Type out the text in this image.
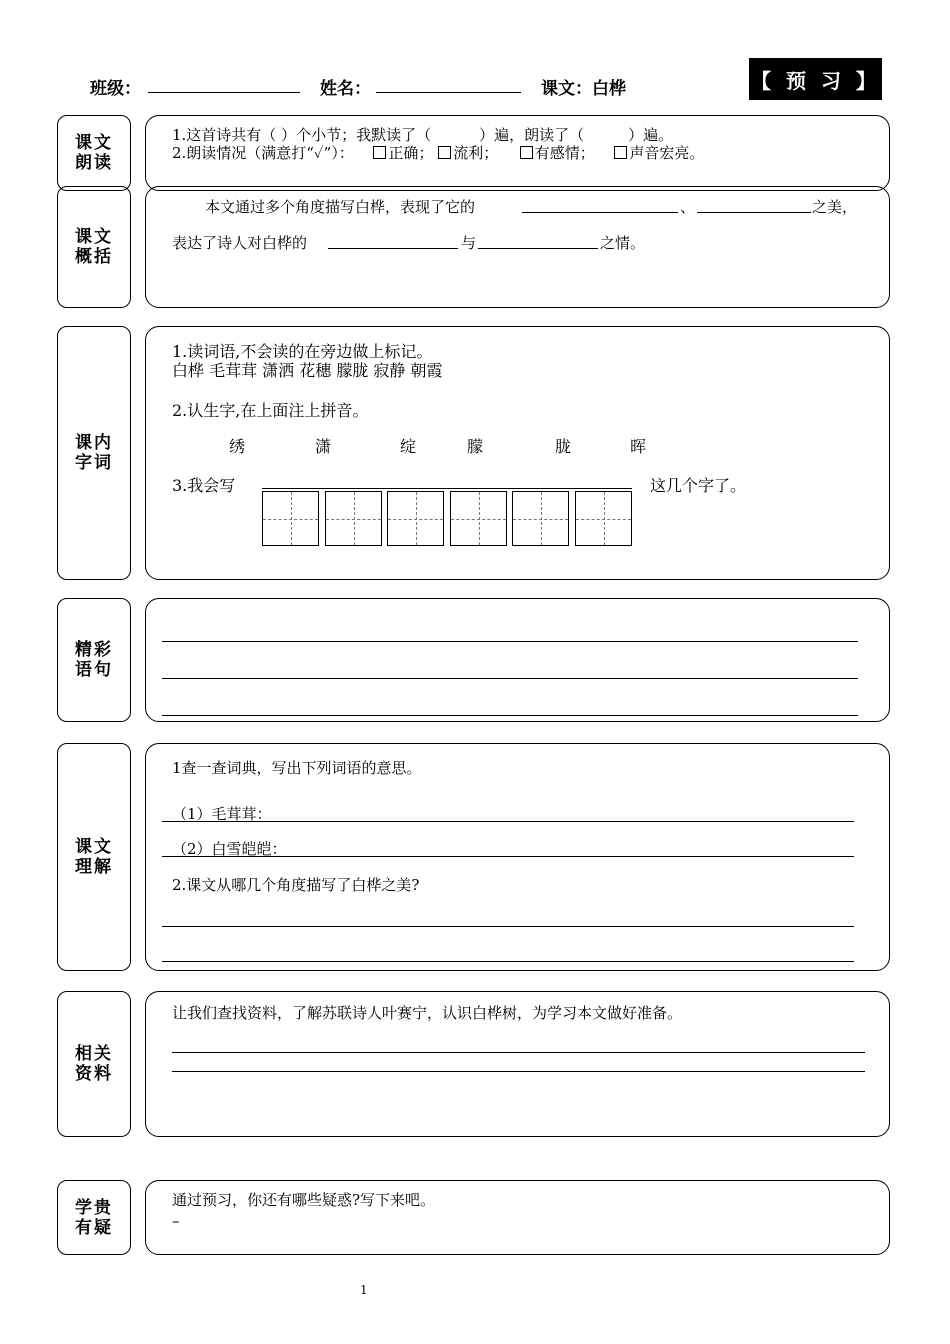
班级：	姓名：	课文：白桦	【 预 习 】
课文朗读
1.这首诗共有（ ）个小节；我默读了（	）遍，朗读了（	）遍。
2.朗读情况（满意打“✓”）： 正确； 流利； 有感情； 声音宏亮。
课文概括
本文通过多个角度描写白桦，表现了它的	、	之美，
表达了诗人对白桦的	与	之情。
课内字词
1.读词语,不会读的在旁边做上标记。
白桦 毛茸茸 潇洒 花穗 朦胧 寂静 朝霞
2.认生字,在上面注上拼音。
绣	潇	绽	朦	胧	晖
3.我会写	这几个字了。
精彩语句
课文理解
1查一查词典，写出下列词语的意思。
（1）毛茸茸：
（2）白雪皑皑：
2.课文从哪几个角度描写了白桦之美?
相关资料
让我们查找资料，了解苏联诗人叶赛宁，认识白桦树，为学习本文做好准备。
学贵有疑
通过预习，你还有哪些疑惑?写下来吧。
–
1
